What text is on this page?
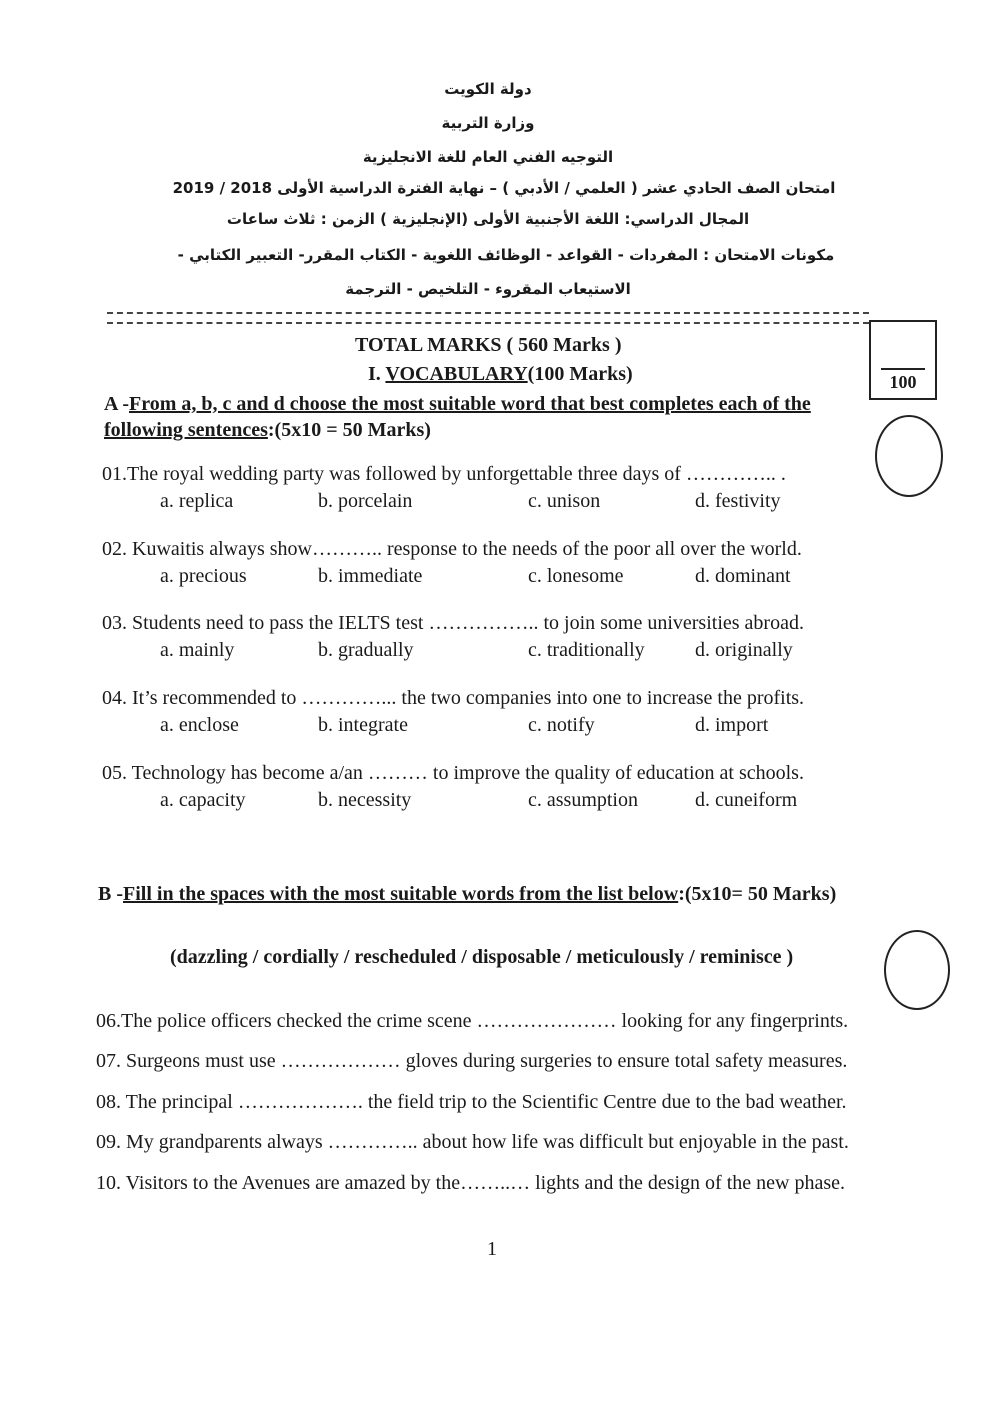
دولة الكويت
وزارة التربية
التوجيه الفني العام للغة الانجليزية
امتحان الصف الحادي عشر ( العلمي / الأدبي ) – نهاية الفترة الدراسية الأولى 2018 / 2019
المجال الدراسي: اللغة الأجنبية الأولى (الإنجليزية ) الزمن : ثلاث ساعات
مكونات الامتحان : المفردات - القواعد - الوظائف اللغوية - الكتاب المقرر- التعبير الكتابي -
الاستيعاب المقروء - التلخيص - الترجمة
100
TOTAL MARKS ( 560 Marks )
I. VOCABULARY(100 Marks)
A -From a, b, c and d choose the most suitable word that best completes each of the
following sentences:(5x10 = 50 Marks)
01.The royal wedding party was followed by unforgettable three days of ………….. .
a. replica	b. porcelain	c. unison	d. festivity
02. Kuwaitis always show……….. response to the needs of the poor all over the world.
a. precious	b. immediate	c. lonesome	d. dominant
03. Students need to pass the IELTS test …………….. to join some universities abroad.
a. mainly	b. gradually	c. traditionally	d. originally
04. It’s recommended to …………... the two companies into one to increase the profits.
a. enclose	b. integrate	c. notify	d. import
05. Technology has become a/an ……… to improve the quality of education at schools.
a. capacity	b. necessity	c. assumption	d. cuneiform
B -Fill in the spaces with the most suitable words from the list below:(5x10= 50 Marks)
(dazzling / cordially / rescheduled / disposable / meticulously / reminisce )
06.The police officers checked the crime scene ………………… looking for any fingerprints.
07. Surgeons must use ……………… gloves during surgeries to ensure total safety measures.
08. The principal ………………. the field trip to the Scientific Centre due to the bad weather.
09. My grandparents always ………….. about how life was difficult but enjoyable in the past.
10. Visitors to the Avenues are amazed by the……..… lights and the design of the new phase.
1
